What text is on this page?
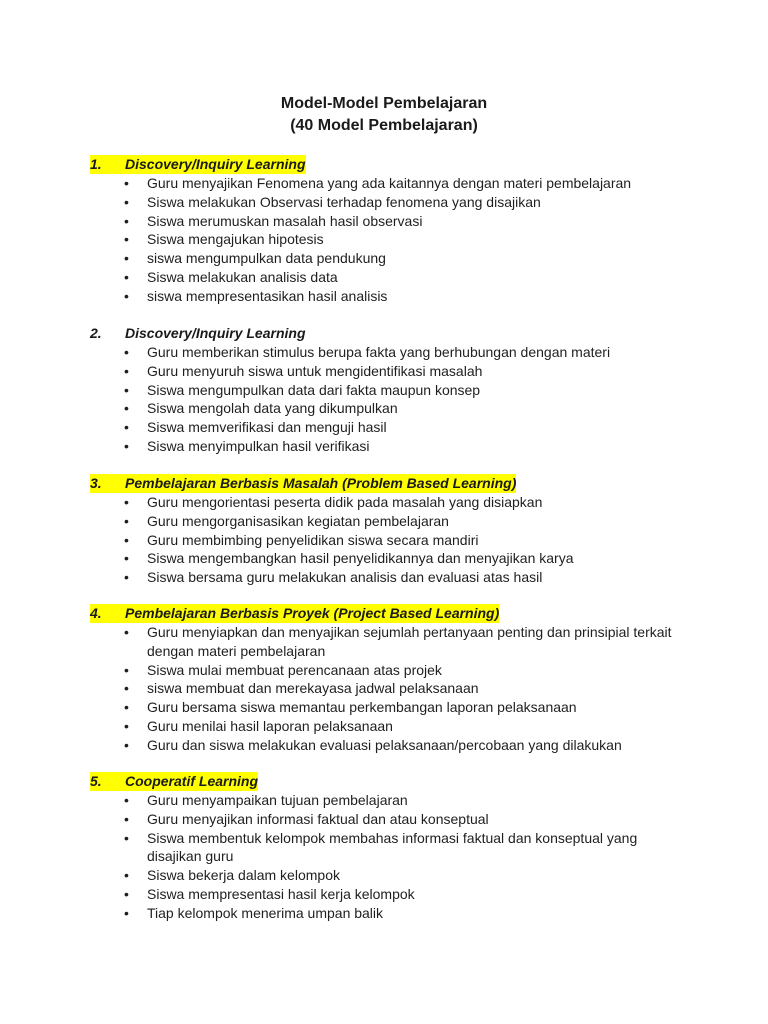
Model-Model Pembelajaran
(40 Model Pembelajaran)
1.	Discovery/Inquiry Learning
• Guru menyajikan Fenomena yang ada kaitannya dengan materi pembelajaran
• Siswa melakukan Observasi terhadap fenomena yang disajikan
• Siswa merumuskan masalah hasil observasi
• Siswa mengajukan hipotesis
• siswa mengumpulkan data pendukung
• Siswa melakukan analisis data
• siswa mempresentasikan hasil analisis
2. Discovery/Inquiry Learning
• Guru memberikan stimulus berupa fakta yang berhubungan dengan materi
• Guru menyuruh siswa untuk mengidentifikasi masalah
• Siswa mengumpulkan data dari fakta maupun konsep
• Siswa mengolah data yang dikumpulkan
• Siswa memverifikasi dan menguji hasil
• Siswa menyimpulkan hasil verifikasi
3.	Pembelajaran Berbasis Masalah (Problem Based Learning)
• Guru mengorientasi peserta didik pada masalah yang disiapkan
• Guru mengorganisasikan kegiatan pembelajaran
• Guru membimbing penyelidikan siswa secara mandiri
• Siswa mengembangkan hasil penyelidikannya dan menyajikan karya
• Siswa bersama guru melakukan analisis dan evaluasi atas hasil
4.	Pembelajaran Berbasis Proyek (Project Based Learning)
• Guru menyiapkan dan menyajikan sejumlah pertanyaan penting dan prinsipial terkait dengan materi pembelajaran
• Siswa mulai membuat perencanaan atas projek
• siswa membuat dan merekayasa jadwal pelaksanaan
• Guru bersama siswa memantau perkembangan laporan pelaksanaan
• Guru menilai hasil laporan pelaksanaan
• Guru dan siswa melakukan evaluasi pelaksanaan/percobaan yang dilakukan
5.	Cooperatif Learning
• Guru menyampaikan tujuan pembelajaran
• Guru menyajikan informasi faktual dan atau konseptual
• Siswa membentuk kelompok membahas informasi faktual dan konseptual yang disajikan guru
• Siswa bekerja dalam kelompok
• Siswa mempresentasi hasil kerja kelompok
• Tiap kelompok menerima umpan balik
